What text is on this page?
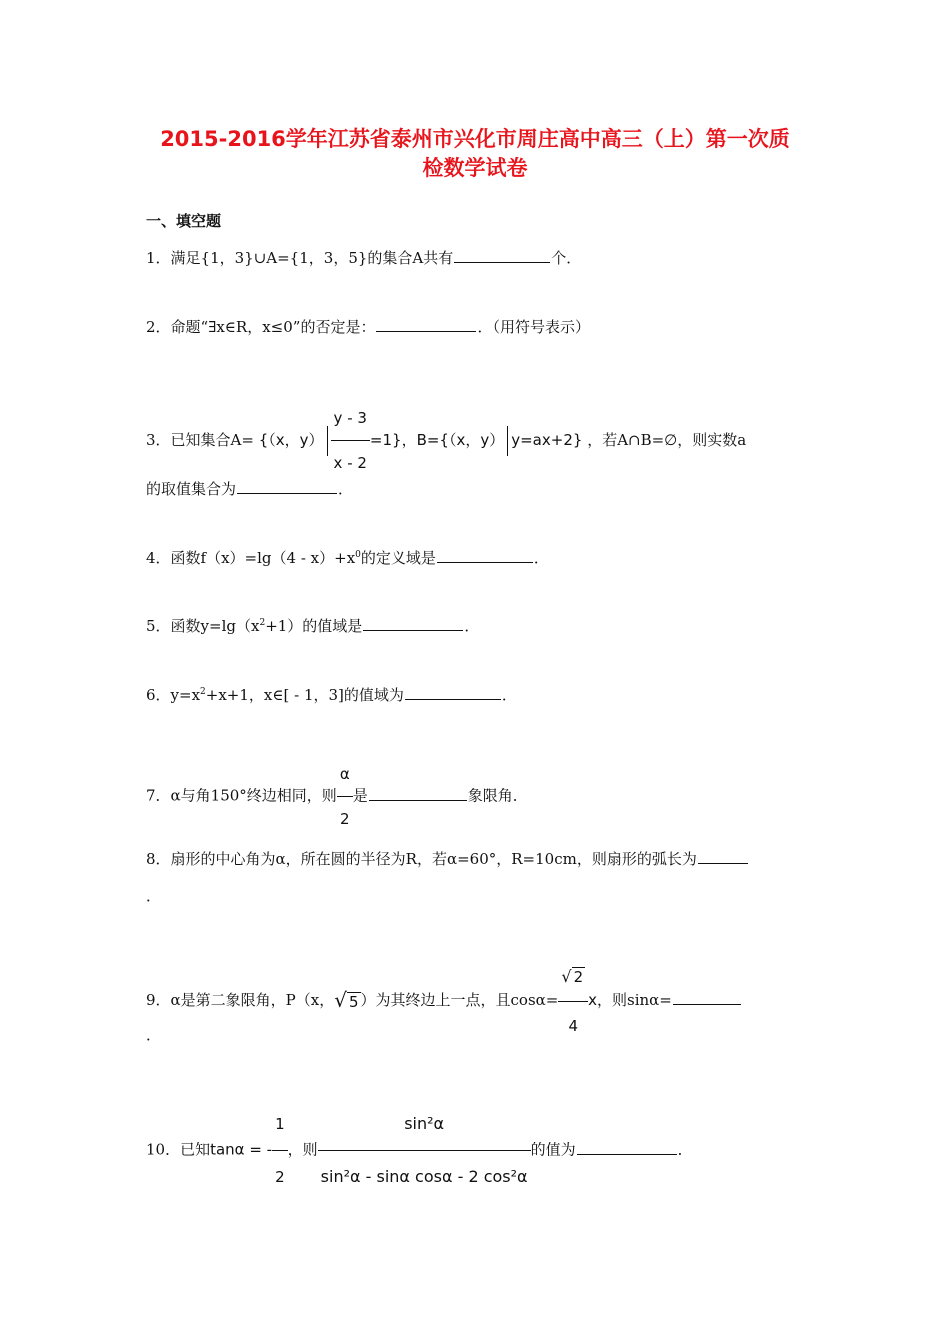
2015-2016学年江苏省泰州市兴化市周庄高中高三（上）第一次质
检数学试卷
一、填空题
1．满足{1，3}∪A={1，3，5}的集合A共有	个．
2．命题“∃x∈R，x≤0”的否定是：	．（用符号表示）
3．已知集合A= {（x，$y) \frac{y - 3}{x - 2} =1$}，B={（x，y） y=ax+2} ，若A∩B=∅，则实数a
的取值集合为	．
4．函数$f(x)=\lg(4 - x)+x^0$的定义域是	．
5．函数$y=\lg(x^2+1)$的值域是	．
6．$y=x^2+x+1$，x∈[ - 1，3]的值域为	．
7．α与角150°终边相同，则 $\frac{\alpha}{2}$ 是	象限角．
8．扇形的中心角为α，所在圆的半径为R，若α=60°，R=10cm，则扇形的弧长为
．
9．α是第二象限角，P（x，√ 5 ）为其终边上一点，且$\cos\alpha= \frac{√ 2}{4}$ x，则sinα=
．
10．已知tanα = - $\frac{1}{2}$ ，则 $\frac{\text{sin²α}}{\text{sin²α - sinα cosα - 2 cos²α}}$ 的值为	．
